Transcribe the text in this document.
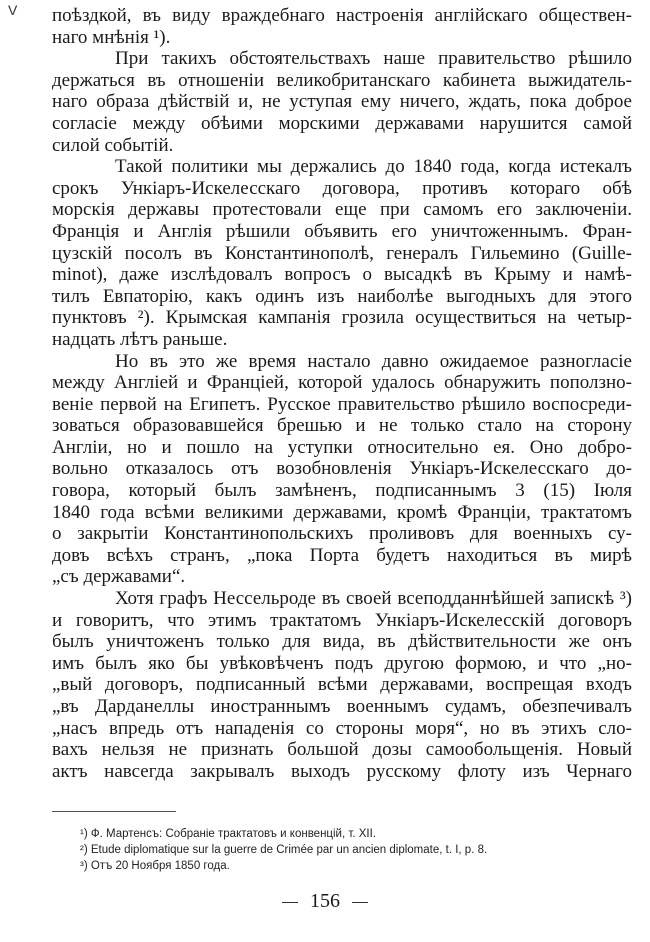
V поѣздкой, въ виду враждебнаго настроенія англійскаго обществен-
наго мнѣнія ¹).
При такихъ обстоятельствахъ наше правительство рѣшило
держаться въ отношеніи великобританскаго кабинета выжидатель-
наго образа дѣйствій и, не уступая ему ничего, ждать, пока доброе
согласіе между обѣими морскими державами нарушится самой
силой событій.
Такой политики мы держались до 1840 года, когда истекалъ
срокъ Ункіаръ-Искелесскаго договора, противъ котораго обѣ
морскія державы протестовали еще при самомъ его заключеніи.
Франція и Англія рѣшили объявить его уничтоженнымъ. Фран-
цузскій посолъ въ Константинополѣ, генералъ Гильемино (Guille-
minot), даже изслѣдовалъ вопросъ о высадкѣ въ Крыму и намѣ-
тилъ Евпаторію, какъ одинъ изъ наиболѣе выгодныхъ для этого
пунктовъ ²). Крымская кампанія грозила осуществиться на четыр-
надцать лѣтъ раньше.
Но въ это же время настало давно ожидаемое разногласіе
между Англіей и Франціей, которой удалось обнаружить поползно-
веніе первой на Египетъ. Русское правительство рѣшило воспосреди-
зоваться образовавшейся брешью и не только стало на сторону
Англіи, но и пошло на уступки относительно ея. Оно добро-
вольно отказалось отъ возобновленія Ункіаръ-Искелесскаго до-
говора, который былъ замѣненъ, подписаннымъ 3 (15) Іюля
1840 года всѣми великими державами, кромѣ Франціи, трактатомъ
о закрытіи Константинопольскихъ проливовъ для военныхъ су-
довъ всѣхъ странъ, „пока Порта будетъ находиться въ мирѣ
„съ державами“.
Хотя графъ Нессельроде въ своей всеподданнѣйшей запискѣ ³)
и говоритъ, что этимъ трактатомъ Ункіаръ-Искелесскій договоръ
былъ уничтоженъ только для вида, въ дѣйствительности же онъ
имъ былъ яко бы увѣковѣченъ подъ другою формою, и что „но-
„вый договоръ, подписанный всѣми державами, воспрещая входъ
„въ Дарданеллы иностраннымъ военнымъ судамъ, обезпечивалъ
„насъ впредь отъ нападенія со стороны моря“, но въ этихъ сло-
вахъ нельзя не признать большой дозы самообольщенія. Новый
актъ навсегда закрывалъ выходъ русскому флоту изъ Чернаго
¹) Ф. Мартенсъ: Собраніе трактатовъ и конвенцій, т. XII.
²) Etude diplomatique sur la guerre de Crimée par un ancien diplomate, t. I, p. 8.
³) Отъ 20 Ноября 1850 года.
156
